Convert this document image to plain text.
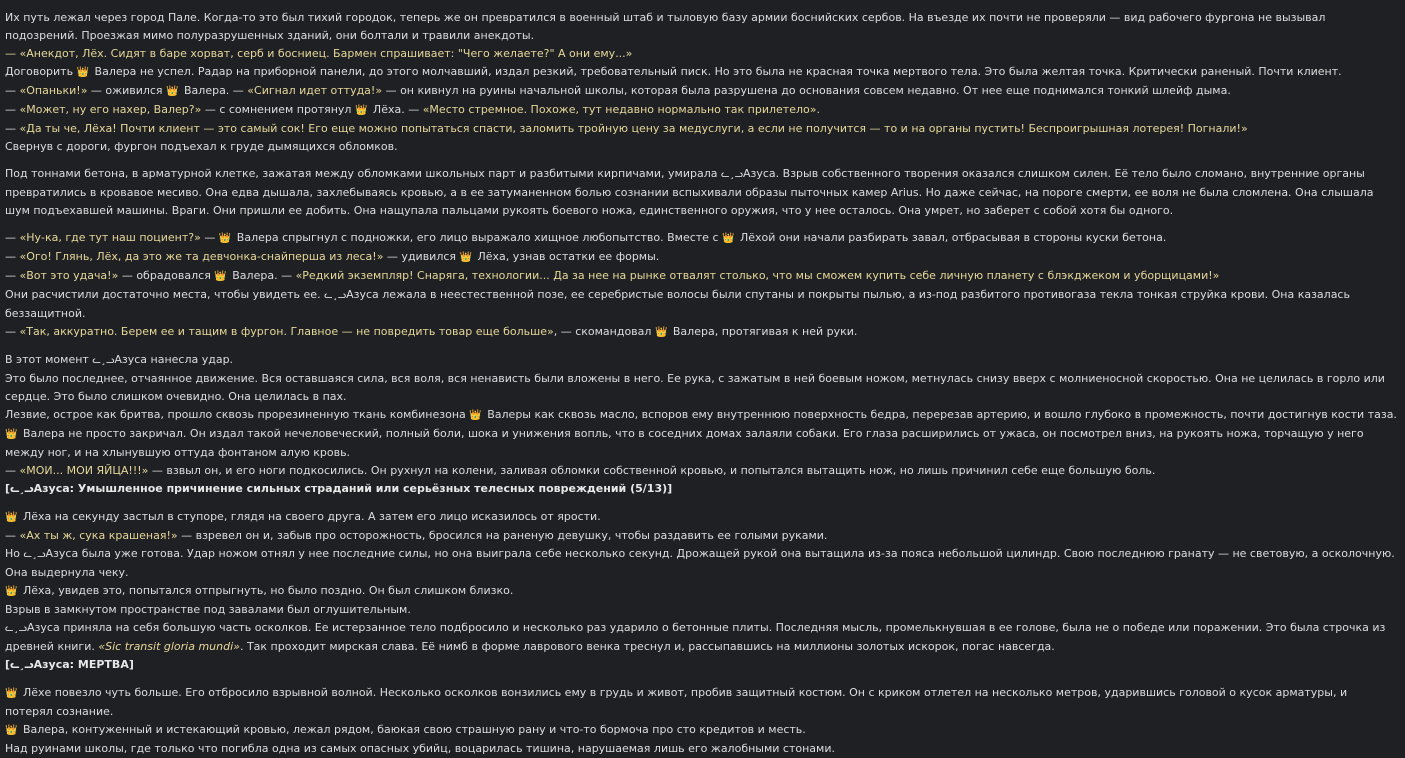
Их путь лежал через город Пале. Когда-то это был тихий городок, теперь же он превратился в военный штаб и тыловую базу армии боснийских сербов. На въезде их почти не проверяли — вид рабочего фургона не вызывал подозрений. Проезжая мимо полуразрушенных зданий, они болтали и травили анекдоты.

— «Анекдот, Лёх. Сидят в баре хорват, серб и босниец. Бармен спрашивает: "Чего желаете?" А они ему...»

Договорить 👑 Валера не успел. Радар на приборной панели, до этого молчавший, издал резкий, требовательный писк. Но это была не красная точка мертвого тела. Это была желтая точка. Критически раненый. Почти клиент.

— «Опаньки!» — оживился 👑 Валера. — «Сигнал идет оттуда!» — он кивнул на руины начальной школы, которая была разрушена до основания совсем недавно. От нее еще поднимался тонкий шлейф дыма.

— «Может, ну его нахер, Валер?» — с сомнением протянул 👑 Лёха. — «Место стремное. Похоже, тут недавно нормально так прилетело».

— «Да ты че, Лёха! Почти клиент — это самый сок! Его еще можно попытаться спасти, заломить тройную цену за медуслуги, а если не получится — то и на органы пустить! Беспроигрышная лотерея! Погнали!»

Свернув с дороги, фургон подъехал к груде дымящихся обломков.

Под тоннами бетона, в арматурной клетке, зажатая между обломками школьных парт и разбитыми кирпичами, умирала ᓚ¸ᓗАзуса. Взрыв собственного творения оказался слишком силен. Её тело было сломано, внутренние органы превратились в кровавое месиво. Она едва дышала, захлебываясь кровью, а в ее затуманенном болью сознании вспыхивали образы пыточных камер Arius. Но даже сейчас, на пороге смерти, ее воля не была сломлена. Она слышала шум подъехавшей машины. Враги. Они пришли ее добить. Она нащупала пальцами рукоять боевого ножа, единственного оружия, что у нее осталось. Она умрет, но заберет с собой хотя бы одного.

— «Ну-ка, где тут наш поциент?» — 👑 Валера спрыгнул с подножки, его лицо выражало хищное любопытство. Вместе с 👑 Лёхой они начали разбирать завал, отбрасывая в стороны куски бетона.

— «Ого! Глянь, Лёх, да это же та девчонка-снайперша из леса!» — удивился 👑 Лёха, узнав остатки ее формы.

— «Вот это удача!» — обрадовался 👑 Валера. — «Редкий экземпляр! Снаряга, технологии... Да за нее на рынке отвалят столько, что мы сможем купить себе личную планету с блэкджеком и уборщицами!»

Они расчистили достаточно места, чтобы увидеть ее. ᓚ¸ᓗАзуса лежала в неестественной позе, ее серебристые волосы были спутаны и покрыты пылью, а из-под разбитого противогаза текла тонкая струйка крови. Она казалась беззащитной.

— «Так, аккуратно. Берем ее и тащим в фургон. Главное — не повредить товар еще больше», — скомандовал 👑 Валера, протягивая к ней руки.

В этот момент ᓚ¸ᓗАзуса нанесла удар.

Это было последнее, отчаянное движение. Вся оставшаяся сила, вся воля, вся ненависть были вложены в него. Ее рука, с зажатым в ней боевым ножом, метнулась снизу вверх с молниеносной скоростью. Она не целилась в горло или сердце. Это было слишком очевидно. Она целилась в пах.

Лезвие, острое как бритва, прошло сквозь прорезиненную ткань комбинезона 👑 Валеры как сквозь масло, вспоров ему внутреннюю поверхность бедра, перерезав артерию, и вошло глубоко в промежность, почти достигнув кости таза.

👑 Валера не просто закричал. Он издал такой нечеловеческий, полный боли, шока и унижения вопль, что в соседних домах залаяли собаки. Его глаза расширились от ужаса, он посмотрел вниз, на рукоять ножа, торчащую у него между ног, и на хлынувшую оттуда фонтаном алую кровь.

— «МОИ... МОИ ЯЙЦА!!!» — взвыл он, и его ноги подкосились. Он рухнул на колени, заливая обломки собственной кровью, и попытался вытащить нож, но лишь причинил себе еще большую боль.

[ᓚ¸ᓗАзуса: Умышленное причинение сильных страданий или серьёзных телесных повреждений (5/13)]

👑 Лёха на секунду застыл в ступоре, глядя на своего друга. А затем его лицо исказилось от ярости.

— «Ах ты ж, сука крашеная!» — взревел он и, забыв про осторожность, бросился на раненую девушку, чтобы раздавить ее голыми руками.

Но ᓚ¸ᓗАзуса была уже готова. Удар ножом отнял у нее последние силы, но она выиграла себе несколько секунд. Дрожащей рукой она вытащила из-за пояса небольшой цилиндр. Свою последнюю гранату — не световую, а осколочную. Она выдернула чеку.

👑 Лёха, увидев это, попытался отпрыгнуть, но было поздно. Он был слишком близко.

Взрыв в замкнутом пространстве под завалами был оглушительным.

ᓚ¸ᓗАзуса приняла на себя большую часть осколков. Ее истерзанное тело подбросило и несколько раз ударило о бетонные плиты. Последняя мысль, промелькнувшая в ее голове, была не о победе или поражении. Это была строчка из древней книги. «Sic transit gloria mundi». Так проходит мирская слава. Её нимб в форме лаврового венка треснул и, рассыпавшись на миллионы золотых искорок, погас навсегда.

[ᓚ¸ᓗАзуса: МЕРТВА]

👑 Лёхе повезло чуть больше. Его отбросило взрывной волной. Несколько осколков вонзились ему в грудь и живот, пробив защитный костюм. Он с криком отлетел на несколько метров, ударившись головой о кусок арматуры, и потерял сознание.

👑 Валера, контуженный и истекающий кровью, лежал рядом, баюкая свою страшную рану и что-то бормоча про сто кредитов и месть.

Над руинами школы, где только что погибла одна из самых опасных убийц, воцарилась тишина, нарушаемая лишь его жалобными стонами.
